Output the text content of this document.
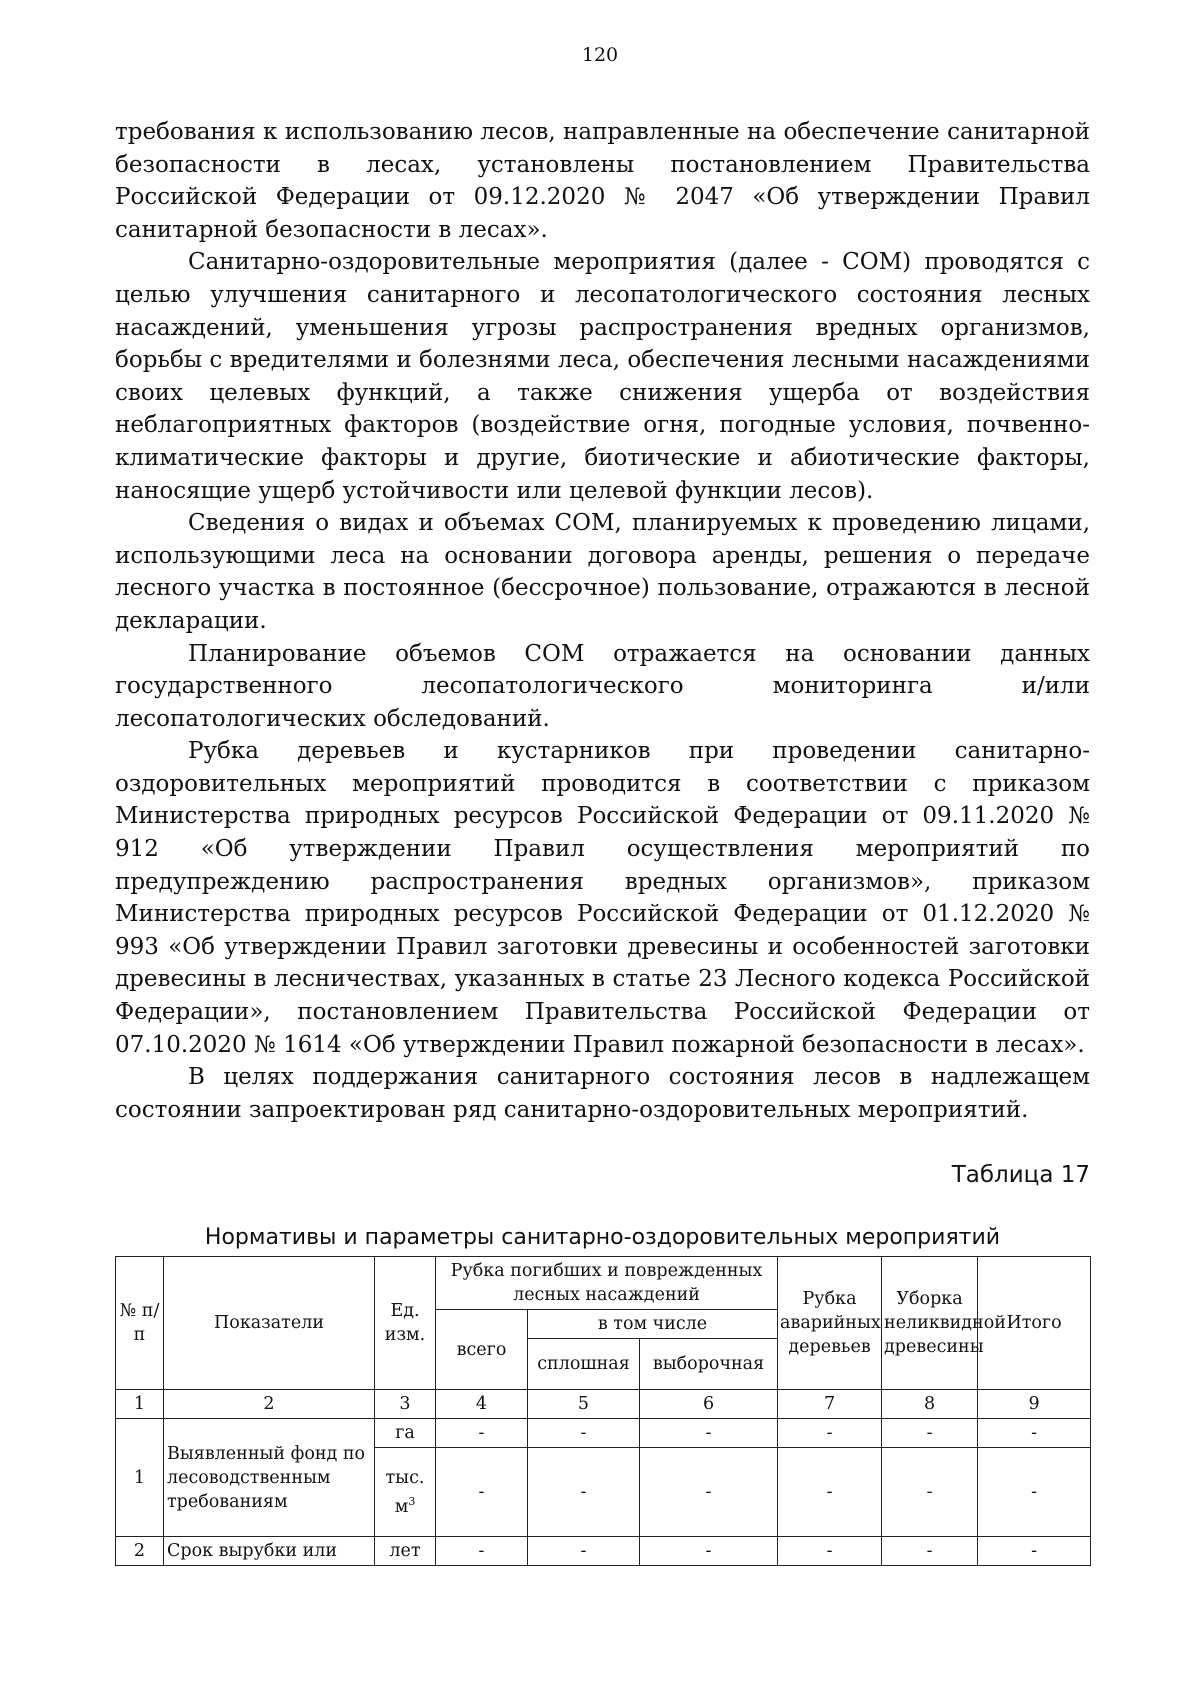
120

требования к использованию лесов, направленные на обеспечение санитарной безопасности в лесах, установлены постановлением Правительства Российской Федерации от 09.12.2020 № 2047 «Об утверждении Правил санитарной безопасности в лесах».

Санитарно-оздоровительные мероприятия (далее - СОМ) проводятся с целью улучшения санитарного и лесопатологического состояния лесных насаждений, уменьшения угрозы распространения вредных организмов, борьбы с вредителями и болезнями леса, обеспечения лесными насаждениями своих целевых функций, а также снижения ущерба от воздействия неблагоприятных факторов (воздействие огня, погодные условия, почвенно-климатические факторы и другие, биотические и абиотические факторы, наносящие ущерб устойчивости или целевой функции лесов).

Сведения о видах и объемах СОМ, планируемых к проведению лицами, использующими леса на основании договора аренды, решения о передаче лесного участка в постоянное (бессрочное) пользование, отражаются в лесной декларации.

Планирование объемов СОМ отражается на основании данных государственного лесопатологического мониторинга и/или лесопатологических обследований.

Рубка деревьев и кустарников при проведении санитарно-оздоровительных мероприятий проводится в соответствии с приказом Министерства природных ресурсов Российской Федерации от 09.11.2020 № 912 «Об утверждении Правил осуществления мероприятий по предупреждению распространения вредных организмов», приказом Министерства природных ресурсов Российской Федерации от 01.12.2020 № 993 «Об утверждении Правил заготовки древесины и особенностей заготовки древесины в лесничествах, указанных в статье 23 Лесного кодекса Российской Федерации», постановлением Правительства Российской Федерации от 07.10.2020 № 1614 «Об утверждении Правил пожарной безопасности в лесах».

В целях поддержания санитарного состояния лесов в надлежащем состоянии запроектирован ряд санитарно-оздоровительных мероприятий.

Таблица 17
Нормативы и параметры санитарно-оздоровительных мероприятий
№ п/п	Показатели	Ед. изм.	Рубка погибших и поврежденных лесных насаждений			Рубка аварийных деревьев	Уборка неликвидной древесины	Итого
			всего	в том числе				
				сплошная	выборочная			
1	2	3	4	5	6	7	8	9
1	Выявленный фонд по лесоводственным требованиям	га	-	-	-	-	-	-
		тыс. $м^3$	-	-	-	-	-	-
2	Срок вырубки или	лет	-	-	-	-	-	-
